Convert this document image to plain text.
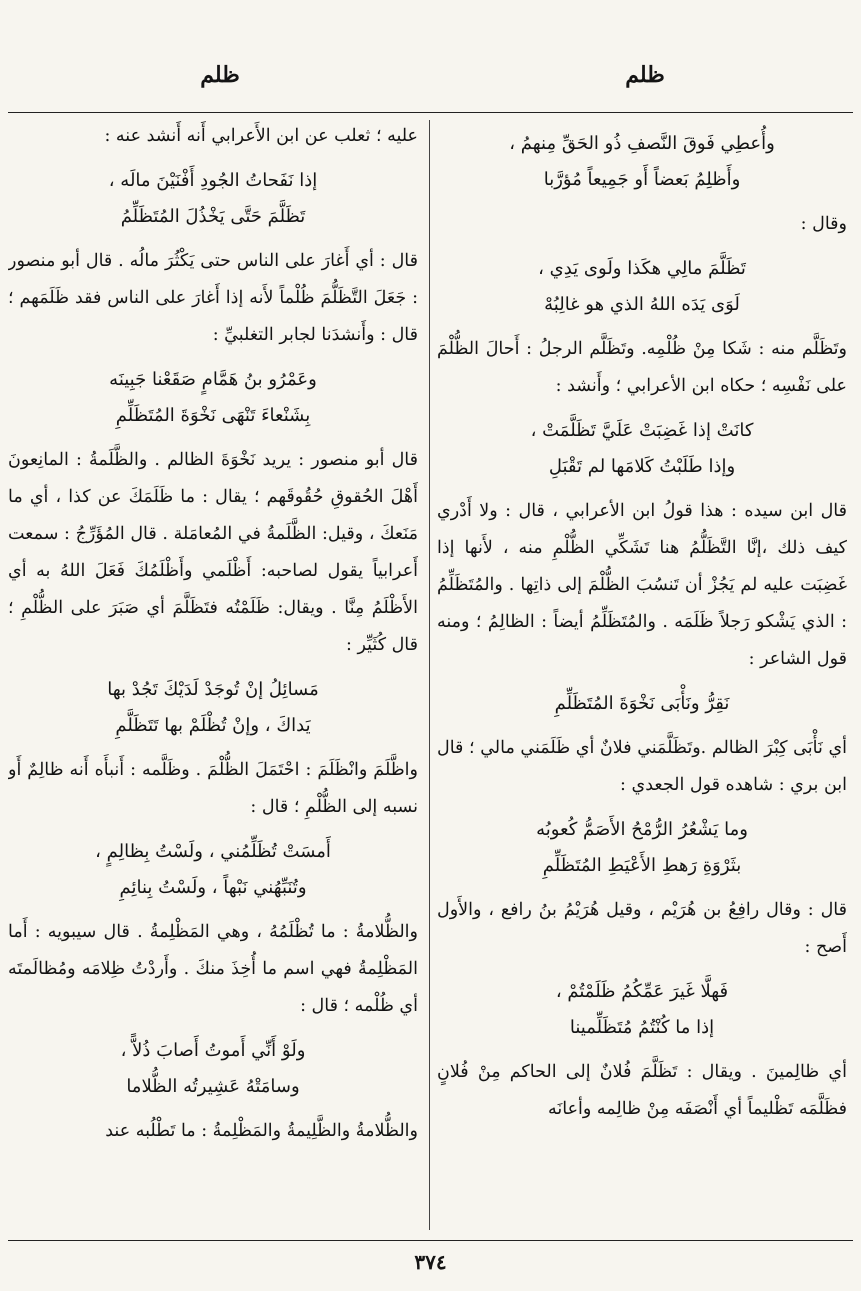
ظلم
ظلم
وأُعطِي فَوقَ النَّصفِ ذُو الحَقِّ مِنهمُ ،
وأَظلِمُ بَعضاً أَو جَمِيعاً مُؤرَّبا

وقال :

تَظَلَّمَ مالِي هكَذا ولَوى يَدِي ،
لَوَى يَدَه اللهُ الذي هو غالِبُهْ

وتَظَلَّم منه : شَكا مِنْ ظُلْمِه. وتَظَلَّم الرجلُ : أَحالَ الظُّلْمَ على نَفْسِه ؛ حكاه ابن الأعرابي ؛ وأَنشد :

كانَتْ إذا غَضِبَتْ عَلَيَّ تَظَلَّمَتْ ،
وإذا طَلَبْتُ كَلامَها لم تَقْبَلِ

قال ابن سيده : هذا قولُ ابن الأعرابي ، قال : ولا أَدْري كيف ذلك ،إنَّا التَّظَلُّمُ هنا تَشَكِّي الظُّلْمِ منه ، لأَنها إذا غَضِبَت عليه لم يَجُزْ أن تَنسُبَ الظُّلْمَ إلى ذاتِها . والمُتَظَلِّمُ : الذي يَشْكو رَجلاً ظَلَمَه . والمُتَظَلِّمُ أيضاً : الظالِمُ ؛ ومنه قول الشاعر :

نَقِرُّ ونَأْبَى نَخْوَةَ المُتَظَلِّمِ

أي نَأْبَى كِبْرَ الظالم .وتَظَلَّمَني فلانٌ أي ظَلَمَني مالي ؛ قال ابن بري : شاهده قول الجعدي :

وما يَشْعُرُ الرُّمْحُ الأَصَمُّ كُعوبُه
بثَرْوَةِ رَهطِ الأَعْيَطِ المُتَظَلِّمِ

قال : وقال رافِعُ بن هُرَيْم ، وقيل هُرَيْمُ بنُ رافع ، والأَول أَصح :

فَهلَّا غَيرَ عَمِّكُمُ ظَلَمْتُمْ ،
إذا ما كُنْتُمُ مُتَظَلِّمينا

أي ظالِمينَ . ويقال : تَظَلَّمَ فُلانٌ إلى الحاكم مِنْ فُلانٍ فظَلَّمَه تَظْليماً أي أَنْصَفَه مِنْ ظالِمه وأعانَه

عليه ؛ ثعلب عن ابن الأَعرابي أَنه أَنشد عنه :

إذا نَفَحاتُ الجُودِ أَفْنَيْنَ مالَه ،
تَظَلَّمَ حَتَّى يَخْذُلَ المُتَظَلِّمُ

قال : أي أَغارَ على الناس حتى يَكْثُرَ مالُه . قال أبو منصور : جَعَلَ التَّظَلُّمَ ظُلْماً لأَنه إذا أَغارَ على الناس فقد ظَلَمَهم ؛ قال : وأَنشدَنا لجابر التغلبيِّ :

وعَمْرُو بنُ هَمَّامٍ صَقَعْنا جَبِينَه
بِشَنْعاءَ تَنْهَى نَخْوَةَ المُتَظَلِّمِ

قال أبو منصور : يريد نَخْوَةَ الظالم . والظَّلَمةُ : المانِعونَ أَهْلَ الحُقوقِ حُقُوقَهم ؛ يقال : ما ظَلَمَكَ عن كذا ، أي ما مَنَعكَ ، وقيل: الظَّلَمةُ في المُعامَلة . قال المُؤَرِّجُ : سمعت أَعرابياً يقول لصاحبه: أَظْلَمي وأَظْلَمُكَ فَعَلَ اللهُ به أي الأَظْلَمُ مِنَّا . ويقال: ظَلَمْتُه فتَظَلَّمَ أي صَبَرَ على الظُّلْمِ ؛ قال كُثَيِّر :

مَسائِلُ إنْ تُوجَدْ لَدَيْكَ تَجُدْ بها
يَداكَ ، وإنْ تُظْلَمْ بها تَتَظَلَّمِ

واظَّلَمَ وانْظَلَمَ : احْتَمَلَ الظُّلْمَ . وظَلَّمه : أَنبأَه أَنه ظالِمٌ أَو نسبه إلى الظُّلْمِ ؛ قال :

أَمسَتْ تُظَلِّمُني ، ولَسْتُ بِظالِمٍ ،
وتُنَبِّهُني نَبْهاً ، ولَسْتُ بِنائِمِ

والظُّلامةُ : ما تُظْلَمُهُ ، وهي المَظْلِمةُ . قال سيبويه : أَما المَظْلِمةُ فهي اسم ما أُخِذَ منكَ . وأَردْتُ ظِلامَه ومُظالَمتَه أي ظُلْمه ؛ قال :

ولَوْ أَنِّي أَموتُ أَصابَ ذُلاًّ ،
وسامَتْهُ عَشِيرتُه الظُّلاما

والظُّلامةُ والظَّلِيمةُ والمَظْلِمةُ : ما تَطْلُبه عند

٣٧٤
